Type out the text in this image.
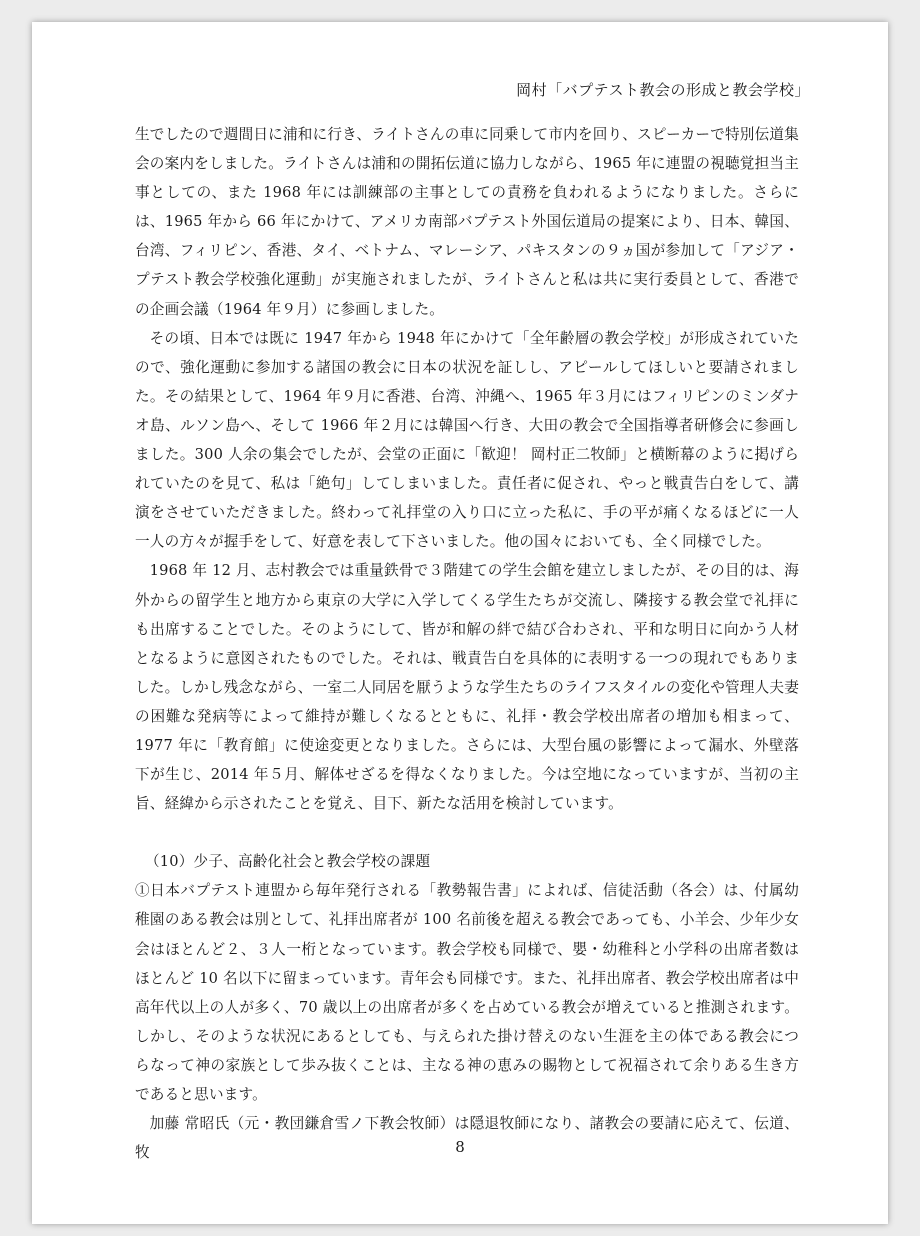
岡村「バプテスト教会の形成と教会学校」

生でしたので週間日に浦和に行き、ライトさんの車に同乗して市内を回り、スピーカーで特別伝道集会の案内をしました。ライトさんは浦和の開拓伝道に協力しながら、1965 年に連盟の視聴覚担当主事としての、また 1968 年には訓練部の主事としての責務を負われるようになりました。さらには、1965 年から 66 年にかけて、アメリカ南部バプテスト外国伝道局の提案により、日本、韓国、台湾、フィリピン、香港、タイ、ベトナム、マレーシア、パキスタンの９ヵ国が参加して「アジア・プテスト教会学校強化運動」が実施されましたが、ライトさんと私は共に実行委員として、香港での企画会議（1964 年９月）に参画しました。

その頃、日本では既に 1947 年から 1948 年にかけて「全年齢層の教会学校」が形成されていたので、強化運動に参加する諸国の教会に日本の状況を証しし、アピールしてほしいと要請されました。その結果として、1964 年９月に香港、台湾、沖縄へ、1965 年３月にはフィリピンのミンダナオ島、ルソン島へ、そして 1966 年２月には韓国へ行き、大田の教会で全国指導者研修会に参画しました。300 人余の集会でしたが、会堂の正面に「歓迎！ 岡村正二牧師」と横断幕のように掲げられていたのを見て、私は「絶句」してしまいました。責任者に促され、やっと戦責告白をして、講演をさせていただきました。終わって礼拝堂の入り口に立った私に、手の平が痛くなるほどに一人一人の方々が握手をして、好意を表して下さいました。他の国々においても、全く同様でした。

1968 年 12 月、志村教会では重量鉄骨で３階建ての学生会館を建立しましたが、その目的は、海外からの留学生と地方から東京の大学に入学してくる学生たちが交流し、隣接する教会堂で礼拝にも出席することでした。そのようにして、皆が和解の絆で結び合わされ、平和な明日に向かう人材となるように意図されたものでした。それは、戦責告白を具体的に表明する一つの現れでもありました。しかし残念ながら、一室二人同居を厭うような学生たちのライフスタイルの変化や管理人夫妻の困難な発病等によって維持が難しくなるとともに、礼拝・教会学校出席者の増加も相まって、1977 年に「教育館」に使途変更となりました。さらには、大型台風の影響によって漏水、外壁落下が生じ、2014 年５月、解体せざるを得なくなりました。今は空地になっていますが、当初の主旨、経緯から示されたことを覚え、目下、新たな活用を検討しています。

（10）少子、高齢化社会と教会学校の課題

①日本バプテスト連盟から毎年発行される「教勢報告書」によれば、信徒活動（各会）は、付属幼稚園のある教会は別として、礼拝出席者が 100 名前後を超える教会であっても、小羊会、少年少女会はほとんど２、３人一桁となっています。教会学校も同様で、嬰・幼稚科と小学科の出席者数はほとんど 10 名以下に留まっています。青年会も同様です。また、礼拝出席者、教会学校出席者は中高年代以上の人が多く、70 歳以上の出席者が多くを占めている教会が増えていると推測されます。しかし、そのような状況にあるとしても、与えられた掛け替えのない生涯を主の体である教会につらなって神の家族として歩み抜くことは、主なる神の恵みの賜物として祝福されて余りある生き方であると思います。

加藤 常昭氏（元・教団鎌倉雪ノ下教会牧師）は隠退牧師になり、諸教会の要請に応えて、伝道、牧	8
